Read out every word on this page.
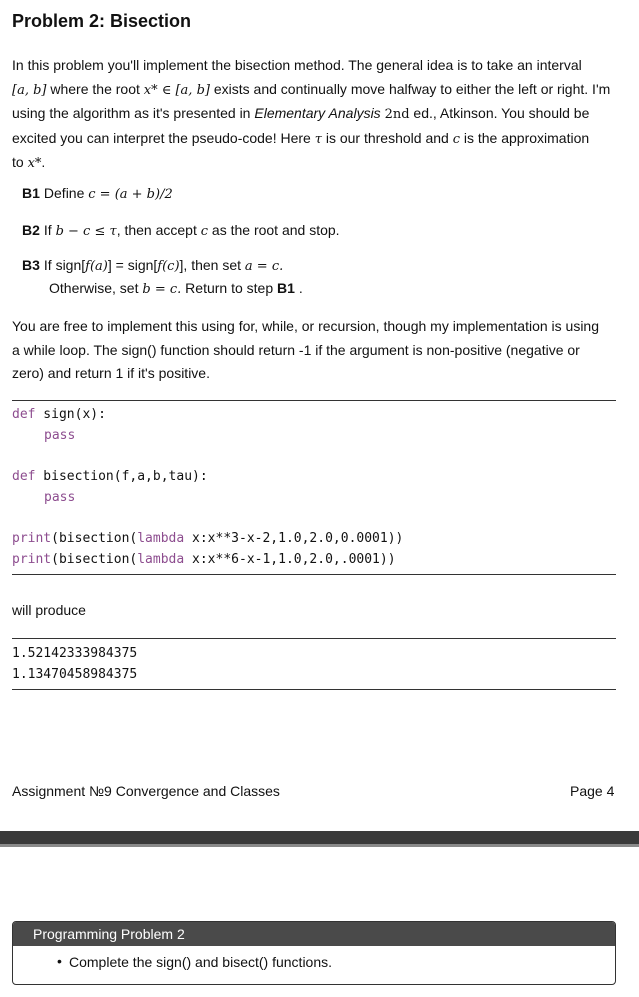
Problem 2: Bisection
In this problem you'll implement the bisection method. The general idea is to take an interval
[a, b] where the root x* ∈ [a, b] exists and continually move halfway to either the left or right. I'm
using the algorithm as it's presented in Elementary Analysis 2nd ed., Atkinson. You should be
excited you can interpret the pseudo-code! Here τ is our threshold and c is the approximation
to x*.
B1 Define c = (a + b)/2
B2 If b − c ≤ τ, then accept c as the root and stop.
B3 If sign[f(a)] = sign[f(c)], then set a = c.
Otherwise, set b = c. Return to step B1 .
You are free to implement this using for, while, or recursion, though my implementation is using
a while loop. The sign() function should return -1 if the argument is non-positive (negative or
zero) and return 1 if it's positive.
def sign(x):
pass
def bisection(f,a,b,tau):
pass
print(bisection(lambda x:x**3-x-2,1.0,2.0,0.0001))
print(bisection(lambda x:x**6-x-1,1.0,2.0,.0001))
will produce
1.52142333984375
1.13470458984375
Assignment №9 Convergence and Classes	Page 4
Programming Problem 2
• Complete the sign() and bisect() functions.
